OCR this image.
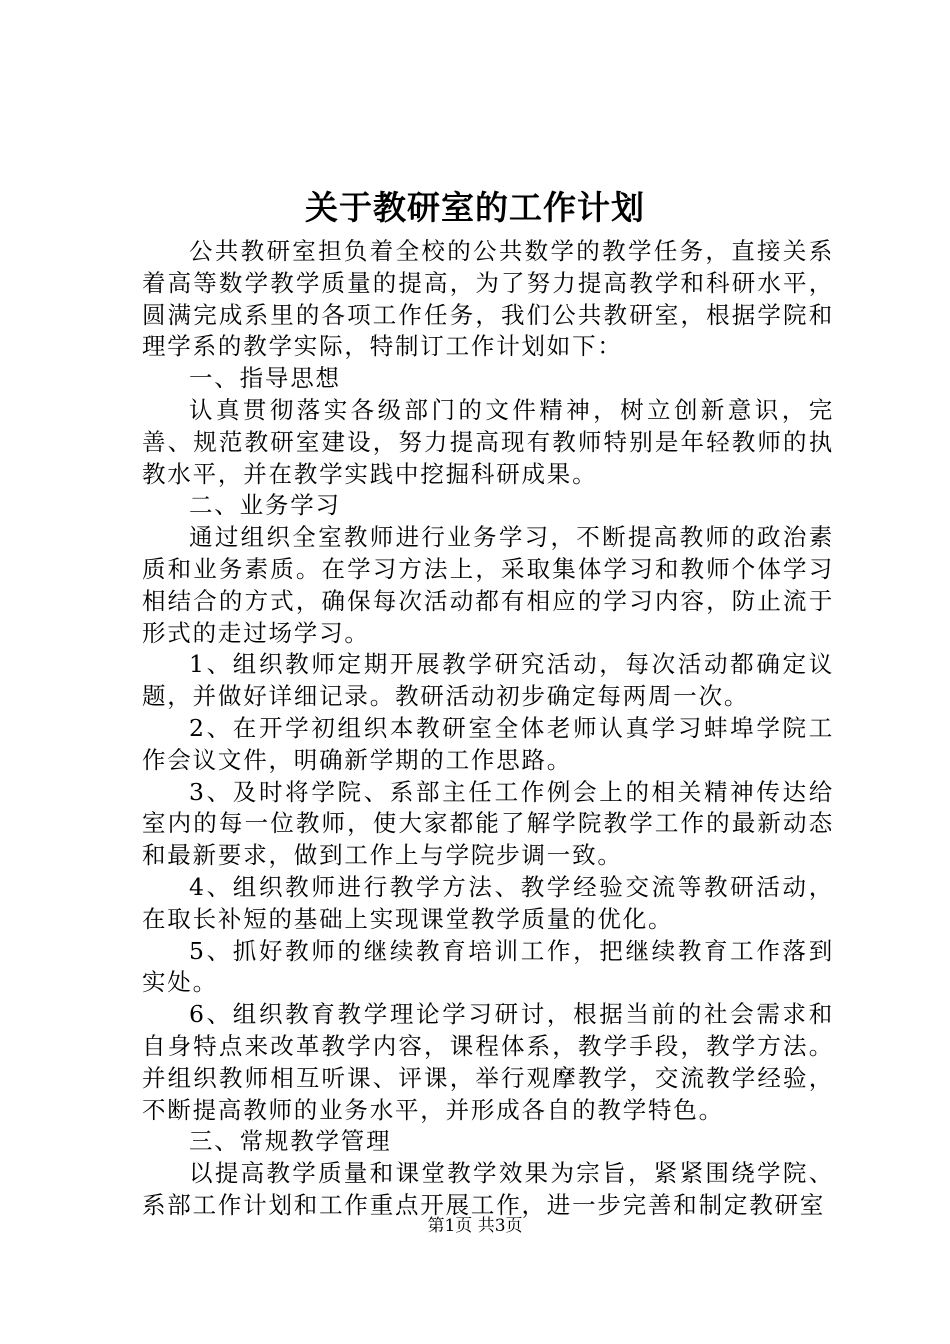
关于教研室的工作计划

公共教研室担负着全校的公共数学的教学任务，直接关系着高等数学教学质量的提高，为了努力提高教学和科研水平，圆满完成系里的各项工作任务，我们公共教研室，根据学院和理学系的教学实际，特制订工作计划如下：

一、指导思想

认真贯彻落实各级部门的文件精神，树立创新意识，完善、规范教研室建设，努力提高现有教师特别是年轻教师的执教水平，并在教学实践中挖掘科研成果。

二、业务学习

通过组织全室教师进行业务学习，不断提高教师的政治素质和业务素质。在学习方法上，采取集体学习和教师个体学习相结合的方式，确保每次活动都有相应的学习内容，防止流于形式的走过场学习。

1、组织教师定期开展教学研究活动，每次活动都确定议题，并做好详细记录。教研活动初步确定每两周一次。

2、在开学初组织本教研室全体老师认真学习蚌埠学院工作会议文件，明确新学期的工作思路。

3、及时将学院、系部主任工作例会上的相关精神传达给室内的每一位教师，使大家都能了解学院教学工作的最新动态和最新要求，做到工作上与学院步调一致。

4、组织教师进行教学方法、教学经验交流等教研活动，在取长补短的基础上实现课堂教学质量的优化。

5、抓好教师的继续教育培训工作，把继续教育工作落到实处。

6、组织教育教学理论学习研讨，根据当前的社会需求和自身特点来改革教学内容，课程体系，教学手段，教学方法。并组织教师相互听课、评课，举行观摩教学，交流教学经验，不断提高教师的业务水平，并形成各自的教学特色。

三、常规教学管理

以提高教学质量和课堂教学效果为宗旨，紧紧围绕学院、系部工作计划和工作重点开展工作，进一步完善和制定教研室

第1页 共3页
